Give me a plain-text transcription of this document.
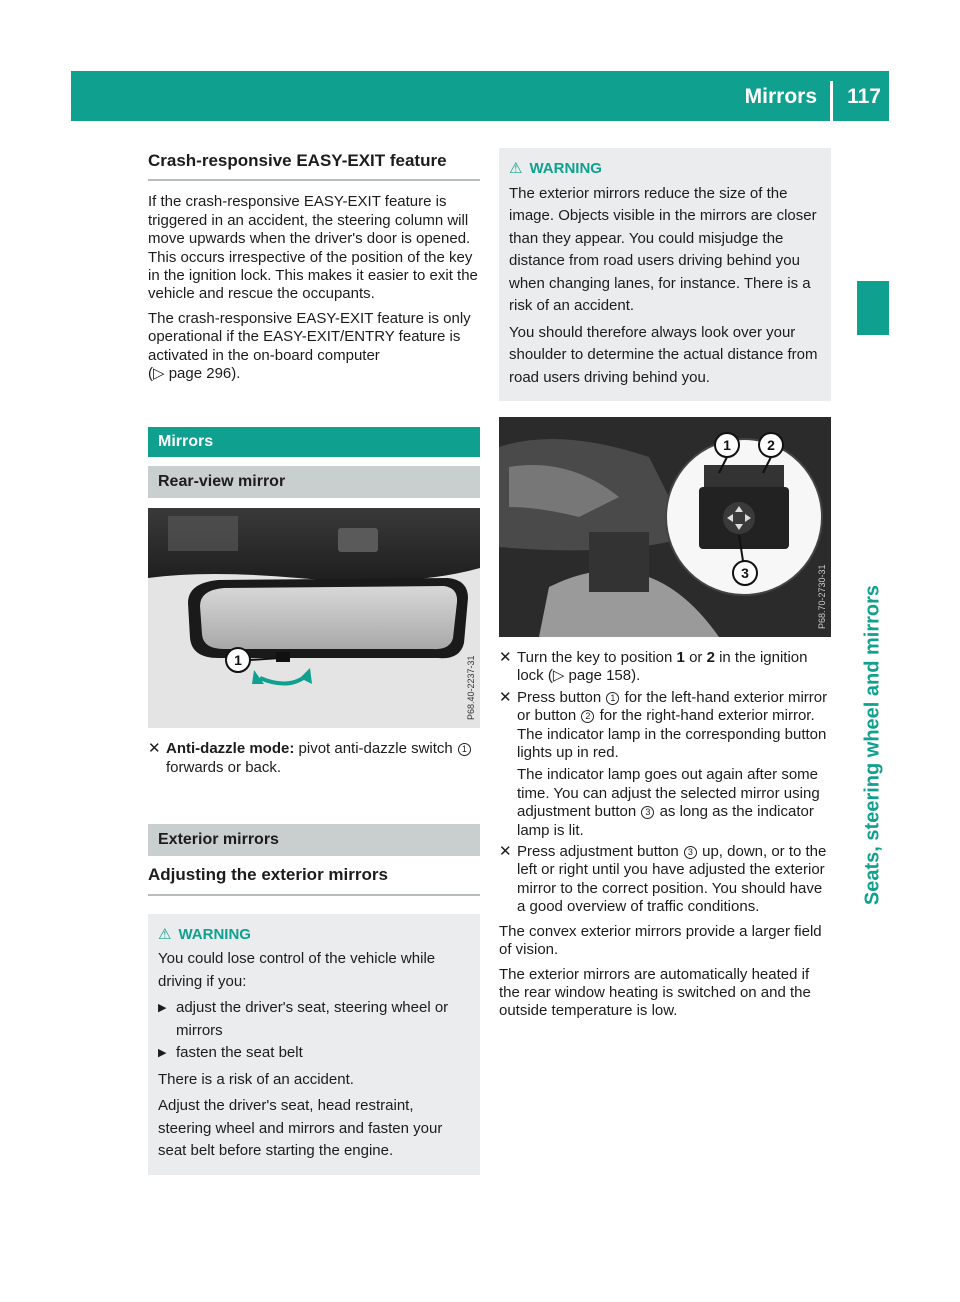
Mirrors 117
Seats, steering wheel and mirrors
Crash-responsive EASY-EXIT feature

If the crash-responsive EASY-EXIT feature is triggered in an accident, the steering column will move upwards when the driver's door is opened. This occurs irrespective of the position of the key in the ignition lock. This makes it easier to exit the vehicle and rescue the occupants.

The crash-responsive EASY-EXIT feature is only operational if the EASY-EXIT/ENTRY feature is activated in the on-board computer
(▷ page 296).

Mirrors
Rear-view mirror
1	P68.40-2237-31
✕ Anti-dazzle mode: pivot anti-dazzle switch 1 forwards or back.
Exterior mirrors
Adjusting the exterior mirrors
⚠ WARNING

You could lose control of the vehicle while driving if you:

▶ adjust the driver's seat, steering wheel or mirrors
▶ fasten the seat belt

There is a risk of an accident.

Adjust the driver's seat, head restraint, steering wheel and mirrors and fasten your seat belt before starting the engine.

⚠ WARNING

The exterior mirrors reduce the size of the image. Objects visible in the mirrors are closer than they appear. You could misjudge the distance from road users driving behind you when changing lanes, for instance. There is a risk of an accident.

You should therefore always look over your shoulder to determine the actual distance from road users driving behind you.

1	2
3	P68.70-2730-31
✕ Turn the key to position 1 or 2 in the ignition lock (▷ page 158).
✕ Press button 1 for the left-hand exterior mirror or button 2 for the right-hand exterior mirror.
The indicator lamp in the corresponding button lights up in red.
The indicator lamp goes out again after some time. You can adjust the selected mirror using adjustment button 3 as long as the indicator lamp is lit.
✕ Press adjustment button 3 up, down, or to the left or right until you have adjusted the exterior mirror to the correct position. You should have a good overview of traffic conditions.

The convex exterior mirrors provide a larger field of vision.

The exterior mirrors are automatically heated if the rear window heating is switched on and the outside temperature is low.
